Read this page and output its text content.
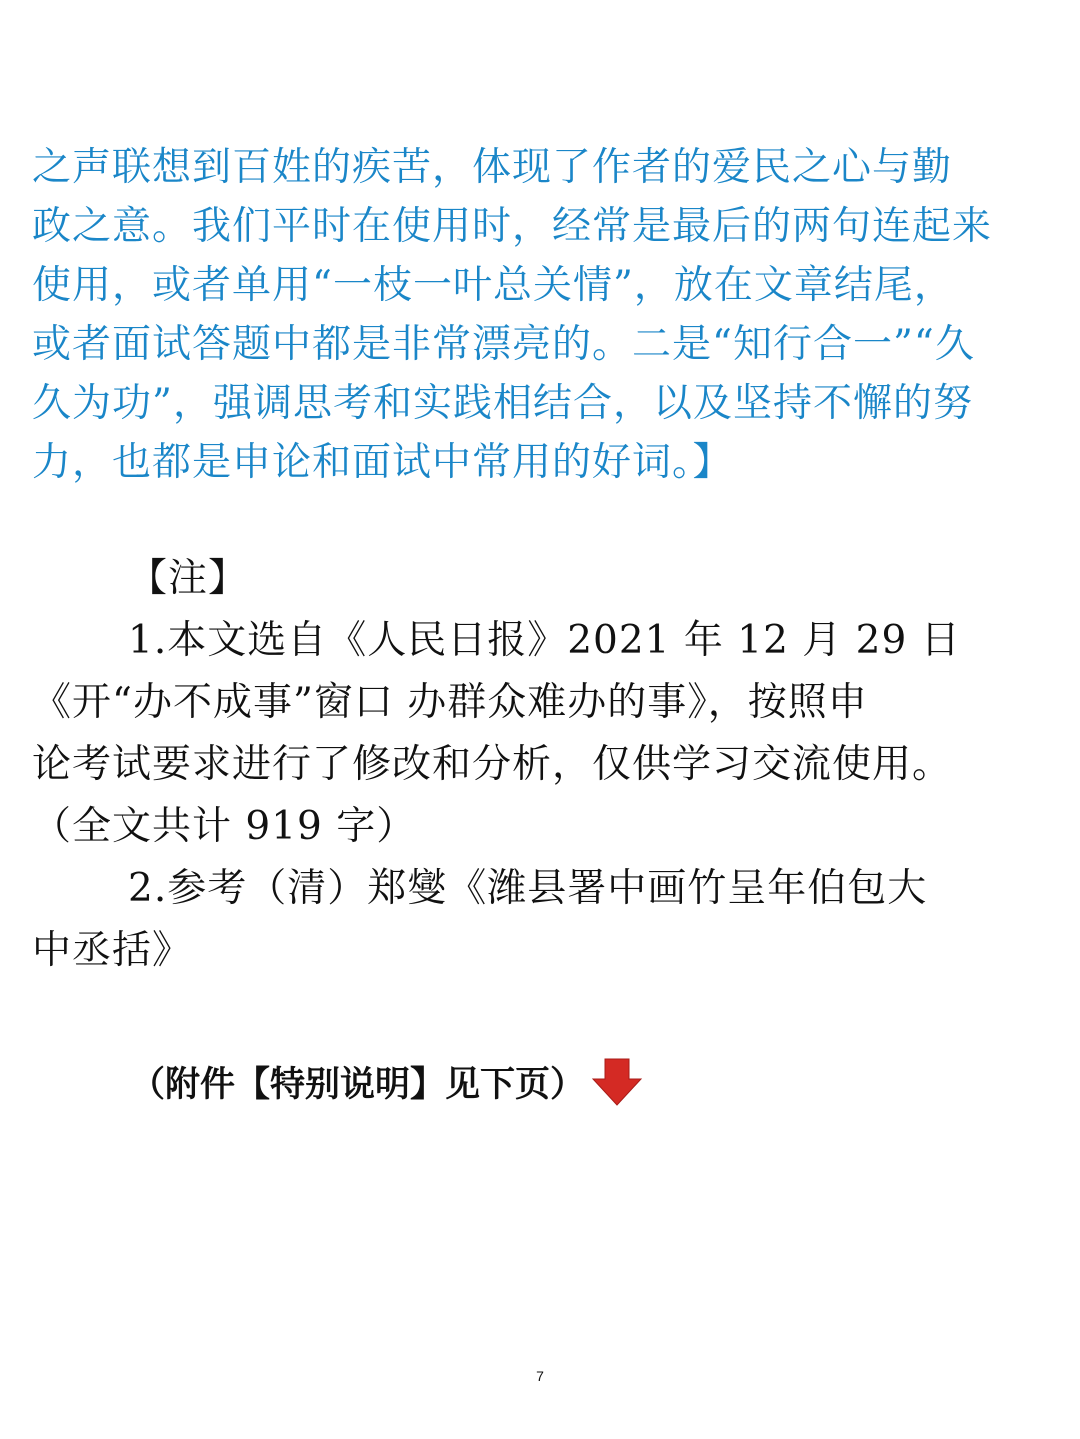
之声联想到百姓的疾苦，体现了作者的爱民之心与勤
政之意。我们平时在使用时，经常是最后的两句连起来
使用，或者单用“一枝一叶总关情”，放在文章结尾，
或者面试答题中都是非常漂亮的。二是“知行合一”“久
久为功”，强调思考和实践相结合，以及坚持不懈的努
力，也都是申论和面试中常用的好词。】
【注】
1.本文选自《人民日报》2021 年 12 月 29 日
《开“办不成事”窗口 办群众难办的事》，按照申
论考试要求进行了修改和分析，仅供学习交流使用。
（全文共计 919 字）
2.参考（清）郑燮《潍县署中画竹呈年伯包大
中丞括》
（附件【特别说明】见下页）
7
